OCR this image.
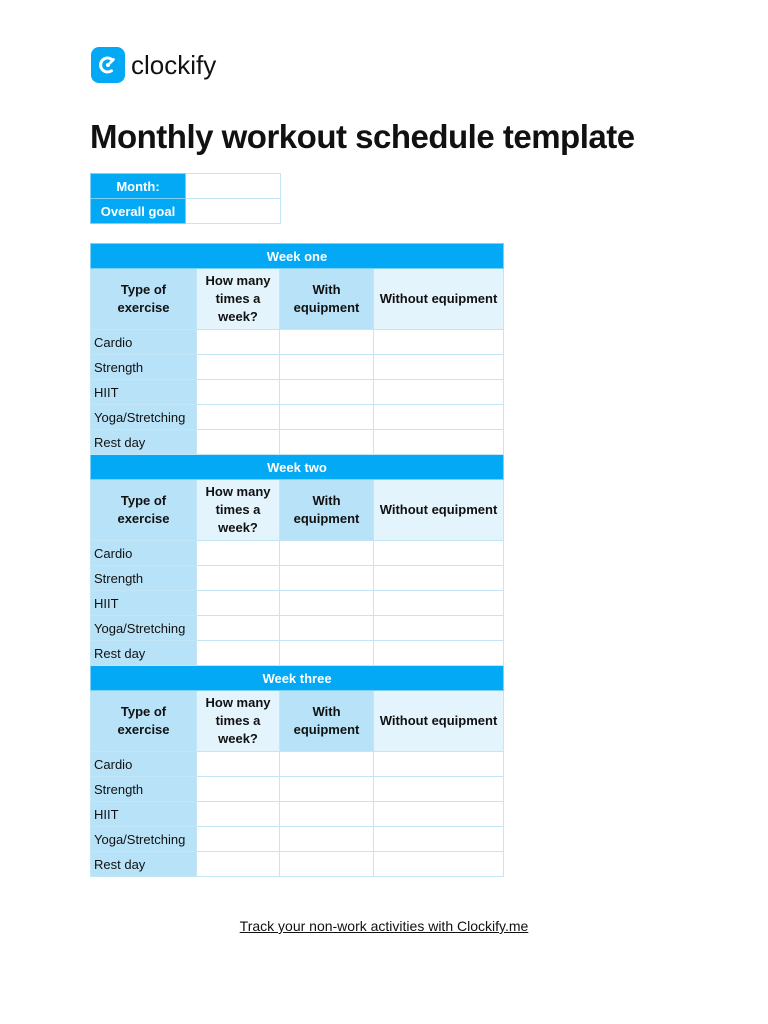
clockify
Monthly workout schedule template
Month:	
Overall goal	
Week one			
Type of exercise	How many times a week?	With equipment	Without equipment
Cardio			
Strength			
HIIT			
Yoga/Stretching			
Rest day			
Week two			
Type of exercise	How many times a week?	With equipment	Without equipment
Cardio			
Strength			
HIIT			
Yoga/Stretching			
Rest day			
Week three			
Type of exercise	How many times a week?	With equipment	Without equipment
Cardio			
Strength			
HIIT			
Yoga/Stretching			
Rest day			
Track your non-work activities with Clockify.me
